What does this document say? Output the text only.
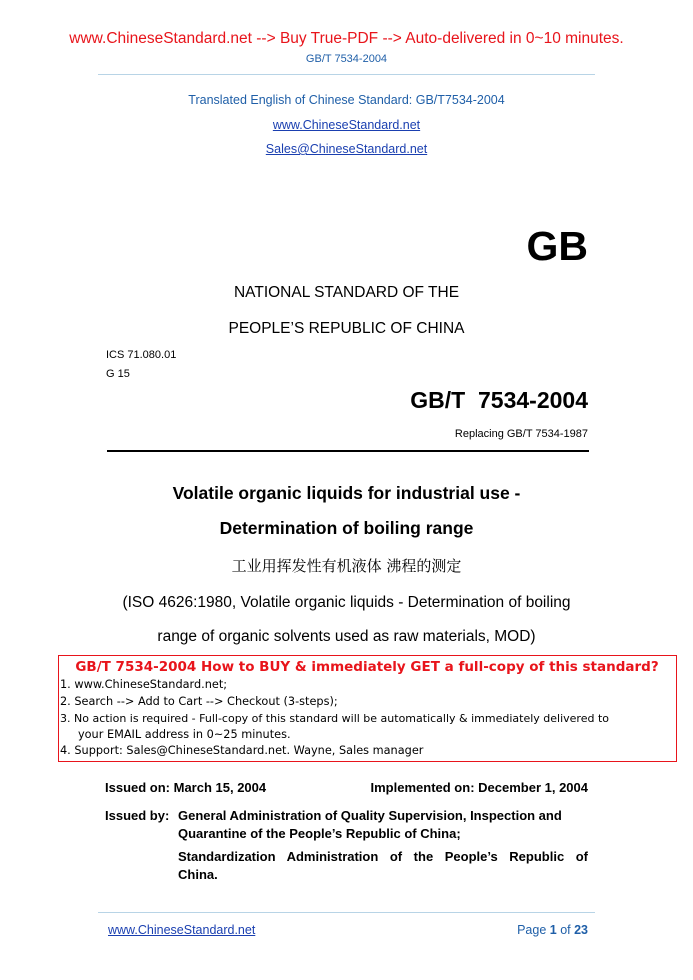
www.ChineseStandard.net --> Buy True-PDF --> Auto-delivered in 0~10 minutes.
GB/T 7534-2004
Translated English of Chinese Standard: GB/T7534-2004
www.ChineseStandard.net
Sales@ChineseStandard.net
GB
NATIONAL STANDARD OF THE
PEOPLE’S REPUBLIC OF CHINA
ICS 71.080.01
G 15
GB/T  7534-2004
Replacing GB/T 7534-1987
Volatile organic liquids for industrial use -
Determination of boiling range
工业用挥发性有机液体 沸程的测定
(ISO 4626:1980, Volatile organic liquids - Determination of boiling
range of organic solvents used as raw materials, MOD)
GB/T 7534-2004 How to BUY & immediately GET a full-copy of this standard?
1. www.ChineseStandard.net;
2. Search --> Add to Cart --> Checkout (3-steps);
3. No action is required - Full-copy of this standard will be automatically & immediately delivered to
your EMAIL address in 0~25 minutes.
4. Support: Sales@ChineseStandard.net. Wayne, Sales manager
Issued on: March 15, 2004	Implemented on: December 1, 2004
Issued by: General Administration of Quality Supervision, Inspection and
Quarantine of the People’s Republic of China;
Standardization Administration of the People’s Republic of
China.
www.ChineseStandard.net	Page 1 of 23
